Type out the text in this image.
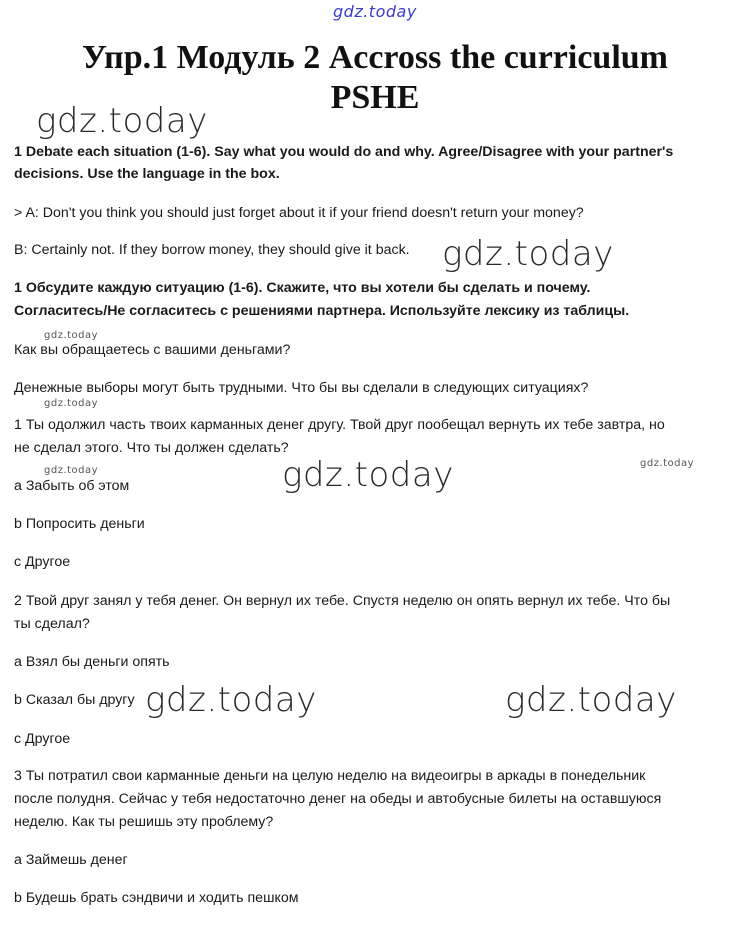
gdz.today
gdz.today
gdz.today
gdz.today
gdz.today
gdz.today	gdz.today	gdz.today
gdz.today	gdz.today
Упр.1 Модуль 2 Accross the curriculum
PSHE
1 Debate each situation (1-6). Say what you would do and why. Agree/Disagree with your partner's
decisions. Use the language in the box.
> A: Don't you think you should just forget about it if your friend doesn't return your money?
B: Certainly not. If they borrow money, they should give it back.
1 Обсудите каждую ситуацию (1-6). Скажите, что вы хотели бы сделать и почему.
Согласитесь/Не согласитесь с решениями партнера. Используйте лексику из таблицы.
Как вы обращаетесь с вашими деньгами?
Денежные выборы могут быть трудными. Что бы вы сделали в следующих ситуациях?
1 Ты одолжил часть твоих карманных денег другу. Твой друг пообещал вернуть их тебе завтра, но
не сделал этого. Что ты должен сделать?
a Забыть об этом
b Попросить деньги
c Другое
2 Твой друг занял у тебя денег. Он вернул их тебе. Спустя неделю он опять вернул их тебе. Что бы
ты сделал?
a Взял бы деньги опять
b Сказал бы другу
c Другое
3 Ты потратил свои карманные деньги на целую неделю на видеоигры в аркады в понедельник
после полудня. Сейчас у тебя недостаточно денег на обеды и автобусные билеты на оставшуюся
неделю. Как ты решишь эту проблему?
a Займешь денег
b Будешь брать сэндвичи и ходить пешком
